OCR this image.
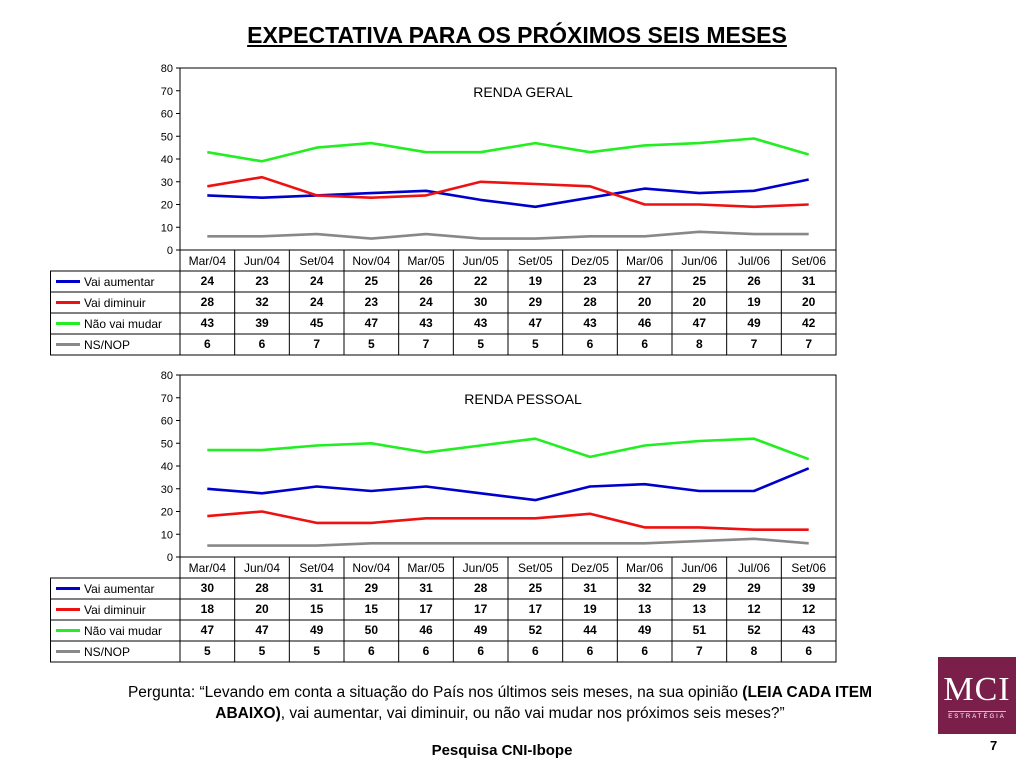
EXPECTATIVA PARA OS PRÓXIMOS SEIS MESES
0
10
20
30
40
50
60
70
80
RENDA GERAL
Mar/04 Jun/04 Set/04 Nov/04 Mar/05 Jun/05 Set/05 Dez/05 Mar/06 Jun/06 Jul/06 Set/06
Vai aumentar	24	23	24	25	26	22	19	23	27	25	26	31
Vai diminuir	28	32	24	23	24	30	29	28	20	20	19	20
Não vai mudar	43	39	45	47	43	43	47	43	46	47	49	42
NS/NOP	6	6	7	5	7	5	5	6	6	8	7	7
0
10
20
30
40
50
60
70
80
RENDA PESSOAL
Mar/04 Jun/04 Set/04 Nov/04 Mar/05 Jun/05 Set/05 Dez/05 Mar/06 Jun/06 Jul/06 Set/06
Vai aumentar	30	28	31	29	31	28	25	31	32	29	29	39
Vai diminuir	18	20	15	15	17	17	17	19	13	13	12	12
Não vai mudar	47	47	49	50	46	49	52	44	49	51	52	43
NS/NOP	5	5	5	6	6	6	6	6	6	7	8	6
Pergunta: “Levando em conta a situação do País nos últimos seis meses, na sua opinião (LEIA CADA ITEM ABAIXO), vai aumentar, vai diminuir, ou não vai mudar nos próximos seis meses?”
Pesquisa CNI-Ibope	7
MCI
ESTRATÉGIA
